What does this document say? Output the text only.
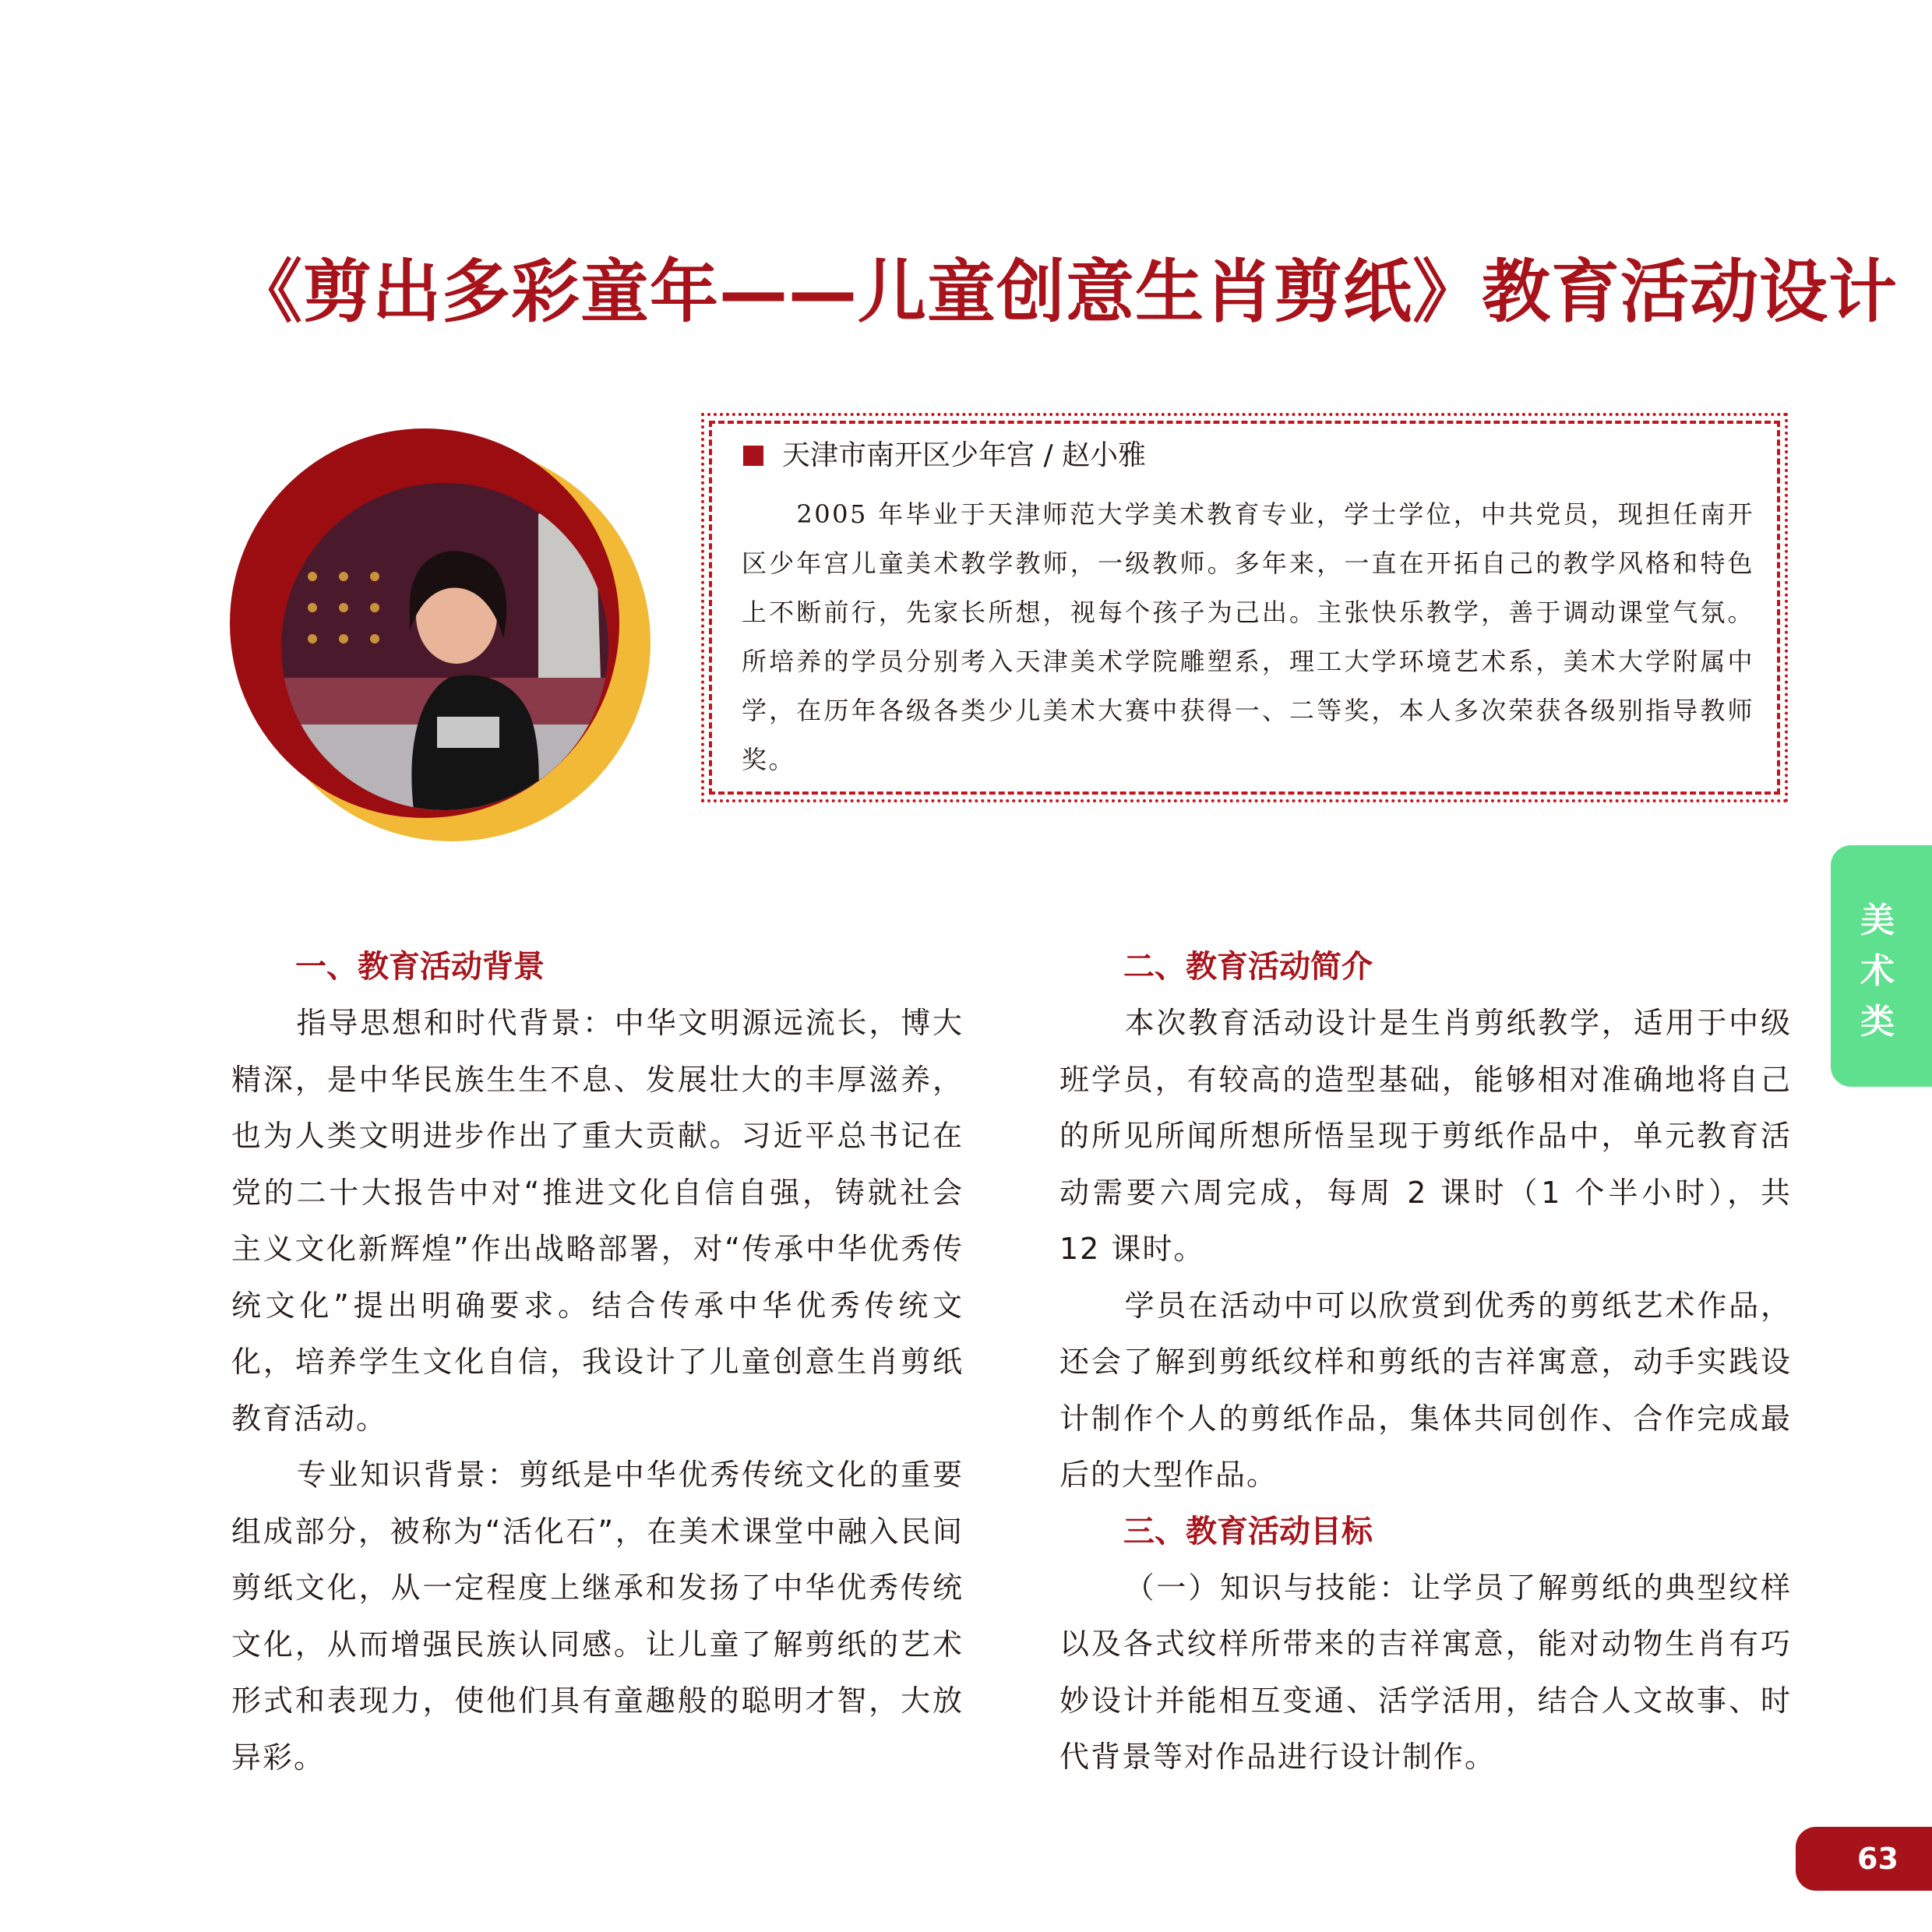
《剪出多彩童年——儿童创意生肖剪纸》教育活动设计
天津市南开区少年宫 / 赵小雅

2005 年毕业于天津师范大学美术教育专业，学士学位，中共党员，现担任南开区少年宫儿童美术教学教师，一级教师。多年来，一直在开拓自己的教学风格和特色上不断前行，先家长所想，视每个孩子为己出。主张快乐教学，善于调动课堂气氛。所培养的学员分别考入天津美术学院雕塑系，理工大学环境艺术系，美术大学附属中学，在历年各级各类少儿美术大赛中获得一、二等奖，本人多次荣获各级别指导教师奖。

一、教育活动背景

指导思想和时代背景：中华文明源远流长，博大精深，是中华民族生生不息、发展壮大的丰厚滋养，也为人类文明进步作出了重大贡献。习近平总书记在党的二十大报告中对“推进文化自信自强，铸就社会主义文化新辉煌”作出战略部署，对“传承中华优秀传统文化”提出明确要求。结合传承中华优秀传统文化，培养学生文化自信，我设计了儿童创意生肖剪纸教育活动。

专业知识背景：剪纸是中华优秀传统文化的重要组成部分，被称为“活化石”，在美术课堂中融入民间剪纸文化，从一定程度上继承和发扬了中华优秀传统文化，从而增强民族认同感。让儿童了解剪纸的艺术形式和表现力，使他们具有童趣般的聪明才智，大放异彩。

二、教育活动简介

本次教育活动设计是生肖剪纸教学，适用于中级班学员，有较高的造型基础，能够相对准确地将自己的所见所闻所想所悟呈现于剪纸作品中，单元教育活动需要六周完成，每周 2 课时（1 个半小时），共 12 课时。

学员在活动中可以欣赏到优秀的剪纸艺术作品，还会了解到剪纸纹样和剪纸的吉祥寓意，动手实践设计制作个人的剪纸作品，集体共同创作、合作完成最后的大型作品。

三、教育活动目标

（一）知识与技能：让学员了解剪纸的典型纹样以及各式纹样所带来的吉祥寓意，能对动物生肖有巧妙设计并能相互变通、活学活用，结合人文故事、时代背景等对作品进行设计制作。

美
术
类
63
